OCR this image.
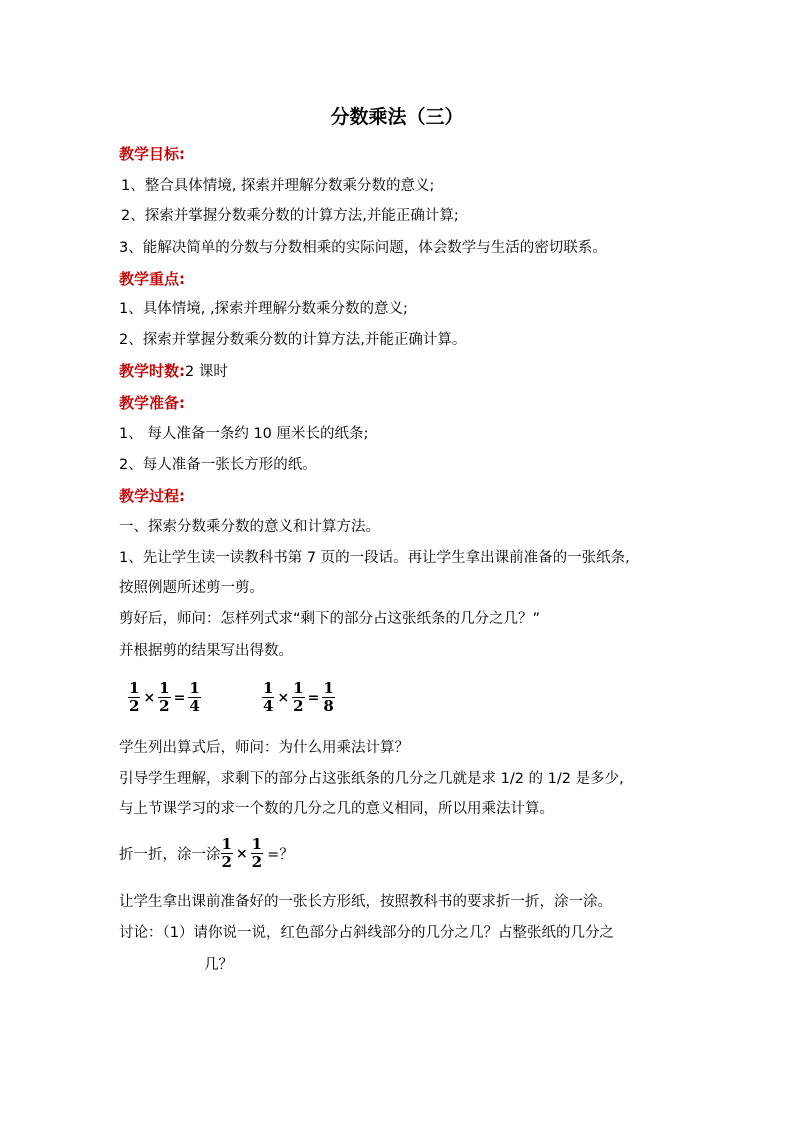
分数乘法（三）
教学目标:
1、整合具体情境, 探索并理解分数乘分数的意义;
2、探索并掌握分数乘分数的计算方法,并能正确计算;
3、能解决简单的分数与分数相乘的实际问题，体会数学与生活的密切联系。
教学重点:
1、具体情境, ,探索并理解分数乘分数的意义;
2、探索并掌握分数乘分数的计算方法,并能正确计算。
教学时数:2 课时
教学准备:
1、 每人准备一条约 10 厘米长的纸条;
2、每人准备一张长方形的纸。
教学过程:
一、探索分数乘分数的意义和计算方法。
1、先让学生读一读教科书第 7 页的一段话。再让学生拿出课前准备的一张纸条,
按照例题所述剪一剪。
剪好后，师问：怎样列式求“剩下的部分占这张纸条的几分之几？”
并根据剪的结果写出得数。
$\frac{1}{2} \times \frac{1}{2} = \frac{1}{4}$	$\frac{1}{4} \times \frac{1}{2} = \frac{1}{8}$
学生列出算式后，师问：为什么用乘法计算？
引导学生理解，求剩下的部分占这张纸条的几分之几就是求 1/2 的 1/2 是多少,
与上节课学习的求一个数的几分之几的意义相同，所以用乘法计算。
折一折，涂一涂 $\frac{1}{2} \times \frac{1}{2}$ =？
让学生拿出课前准备好的一张长方形纸，按照教科书的要求折一折，涂一涂。
讨论：（1）请你说一说，红色部分占斜线部分的几分之几？占整张纸的几分之
几？
